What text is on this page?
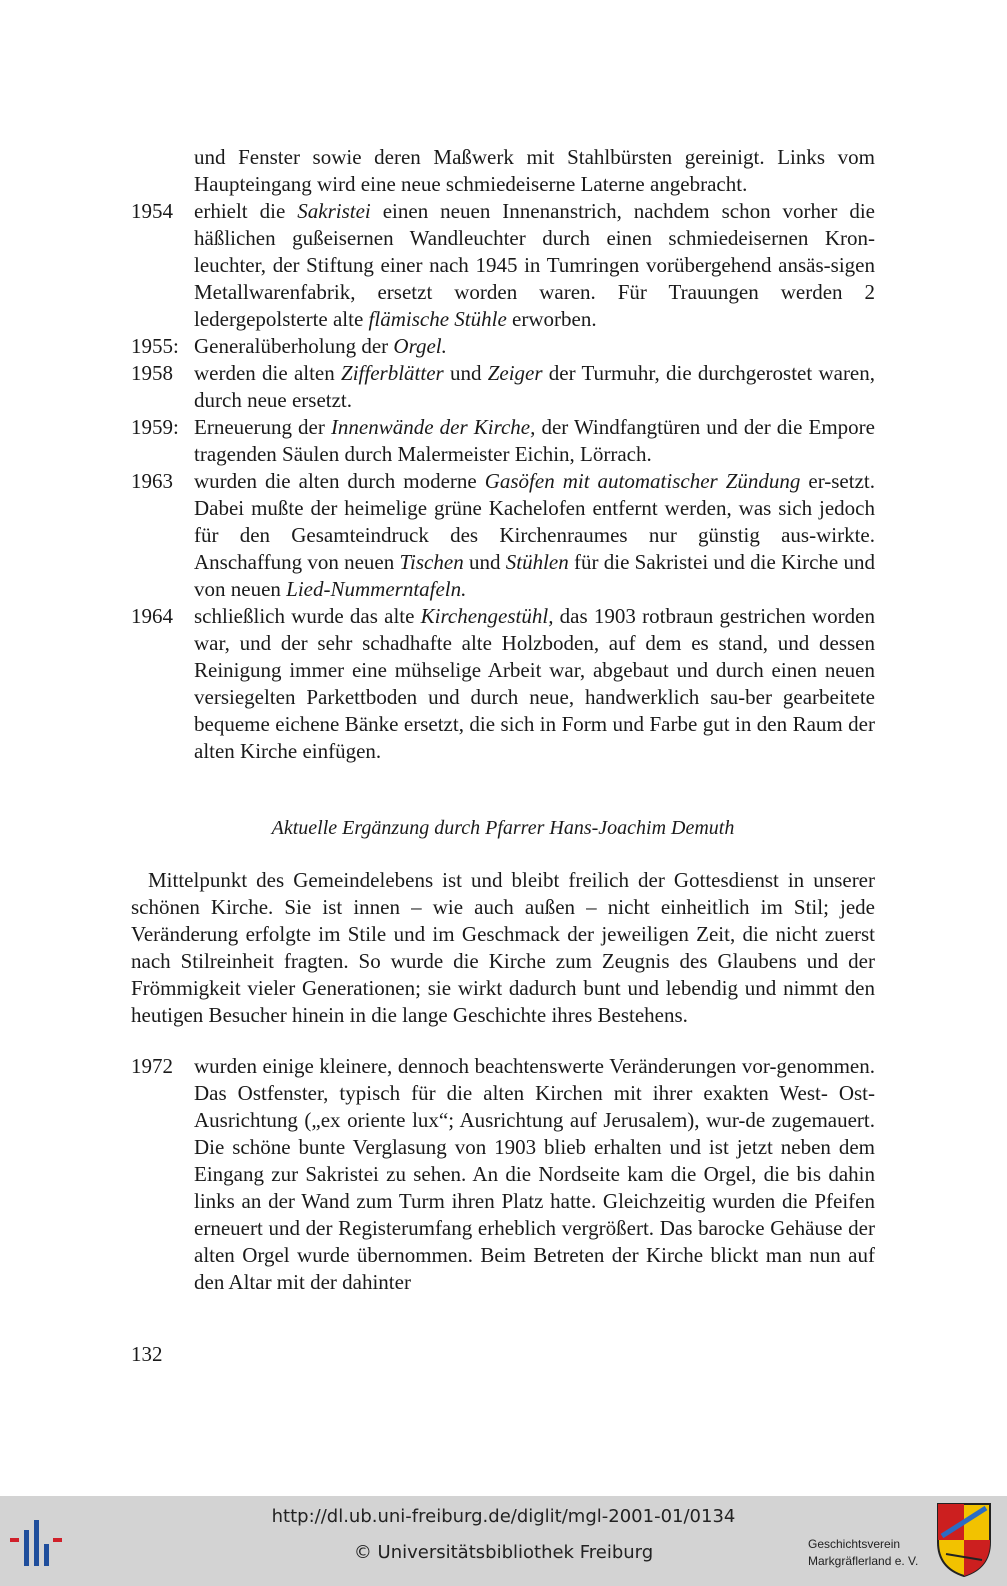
und Fenster sowie deren Maßwerk mit Stahlbürsten gereinigt. Links vom Haupteingang wird eine neue schmiedeiserne Laterne angebracht.
1954	erhielt die Sakristei einen neuen Innenanstrich, nachdem schon vorher die häßlichen gußeisernen Wandleuchter durch einen schmiedeisernen Kron-leuchter, der Stiftung einer nach 1945 in Tumringen vorübergehend ansäs-sigen Metallwarenfabrik, ersetzt worden waren. Für Trauungen werden 2 ledergepolsterte alte flämische Stühle erworben.
1955: Generalüberholung der Orgel.
1958	werden die alten Zifferblätter und Zeiger der Turmuhr, die durchgerostet waren, durch neue ersetzt.
1959: Erneuerung der Innenwände der Kirche, der Windfangtüren und der die Empore tragenden Säulen durch Malermeister Eichin, Lörrach.
1963	wurden die alten durch moderne Gasöfen mit automatischer Zündung er-setzt. Dabei mußte der heimelige grüne Kachelofen entfernt werden, was sich jedoch für den Gesamteindruck des Kirchenraumes nur günstig aus-wirkte. Anschaffung von neuen Tischen und Stühlen für die Sakristei und die Kirche und von neuen Lied-Nummerntafeln.
1964	schließlich wurde das alte Kirchengestühl, das 1903 rotbraun gestrichen worden war, und der sehr schadhafte alte Holzboden, auf dem es stand, und dessen Reinigung immer eine mühselige Arbeit war, abgebaut und durch einen neuen versiegelten Parkettboden und durch neue, handwerklich sau-ber gearbeitete bequeme eichene Bänke ersetzt, die sich in Form und Farbe gut in den Raum der alten Kirche einfügen.
Aktuelle Ergänzung durch Pfarrer Hans-Joachim Demuth
Mittelpunkt des Gemeindelebens ist und bleibt freilich der Gottesdienst in unserer schönen Kirche. Sie ist innen – wie auch außen – nicht einheitlich im Stil; jede Veränderung erfolgte im Stile und im Geschmack der jeweiligen Zeit, die nicht zuerst nach Stilreinheit fragten. So wurde die Kirche zum Zeugnis des Glaubens und der Frömmigkeit vieler Generationen; sie wirkt dadurch bunt und lebendig und nimmt den heutigen Besucher hinein in die lange Geschichte ihres Bestehens.
1972	wurden einige kleinere, dennoch beachtenswerte Veränderungen vor-genommen. Das Ostfenster, typisch für die alten Kirchen mit ihrer exakten West- Ost-Ausrichtung („ex oriente lux“; Ausrichtung auf Jerusalem), wur-de zugemauert. Die schöne bunte Verglasung von 1903 blieb erhalten und ist jetzt neben dem Eingang zur Sakristei zu sehen. An die Nordseite kam die Orgel, die bis dahin links an der Wand zum Turm ihren Platz hatte. Gleichzeitig wurden die Pfeifen erneuert und der Registerumfang erheblich vergrößert. Das barocke Gehäuse der alten Orgel wurde übernommen. Beim Betreten der Kirche blickt man nun auf den Altar mit der dahinter
132
http://dl.ub.uni-freiburg.de/diglit/mgl-2001-01/0134
© Universitätsbibliothek Freiburg	Geschichtsverein
Markgräflerland e. V.
